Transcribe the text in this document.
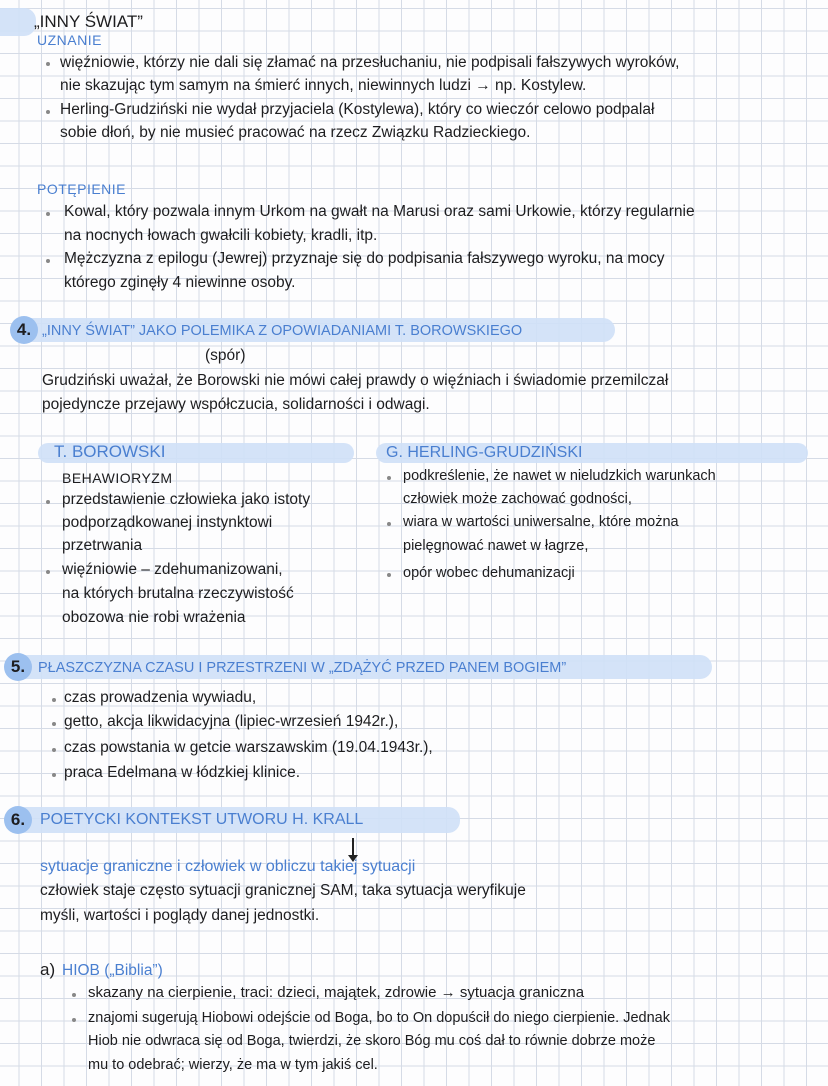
„INNY ŚWIAT”
UZNANIE
więźniowie, którzy nie dali się złamać na przesłuchaniu, nie podpisali fałszywych wyroków,
nie skazując tym samym na śmierć innych, niewinnych ludzi → np. Kostylew.
Herling-Grudziński nie wydał przyjaciela (Kostylewa), który co wieczór celowo podpalał
sobie dłoń, by nie musieć pracować na rzecz Związku Radzieckiego.
POTĘPIENIE
Kowal, który pozwala innym Urkom na gwałt na Marusi oraz sami Urkowie, którzy regularnie
na nocnych łowach gwałcili kobiety, kradli, itp.
Mężczyzna z epilogu (Jewrej) przyznaje się do podpisania fałszywego wyroku, na mocy
którego zginęły 4 niewinne osoby.
4. „INNY ŚWIAT” JAKO POLEMIKA Z OPOWIADANIAMI T. BOROWSKIEGO
(spór)
Grudziński uważał, że Borowski nie mówi całej prawdy o więźniach i świadomie przemilczał
pojedyncze przejawy współczucia, solidarności i odwagi.
T. BOROWSKI
BEHAWIORYZM
przedstawienie człowieka jako istoty
podporządkowanej instynktowi
przetrwania
więźniowie – zdehumanizowani,
na których brutalna rzeczywistość
obozowa nie robi wrażenia
G. HERLING-GRUDZIŃSKI
podkreślenie, że nawet w nieludzkich warunkach
człowiek może zachować godności,
wiara w wartości uniwersalne, które można
pielęgnować nawet w łagrze,
opór wobec dehumanizacji
5. PŁASZCZYZNA CZASU I PRZESTRZENI W „ZDĄŻYĆ PRZED PANEM BOGIEM”
czas prowadzenia wywiadu,
getto, akcja likwidacyjna (lipiec-wrzesień 1942r.),
czas powstania w getcie warszawskim (19.04.1943r.),
praca Edelmana w łódzkiej klinice.
6. POETYCKI KONTEKST UTWORU H. KRALL
sytuacje graniczne i człowiek w obliczu takiej sytuacji
człowiek staje często sytuacji granicznej SAM, taka sytuacja weryfikuje
myśli, wartości i poglądy danej jednostki.
a) HIOB („Biblia”)
skazany na cierpienie, traci: dzieci, majątek, zdrowie → sytuacja graniczna
znajomi sugerują Hiobowi odejście od Boga, bo to On dopuścił do niego cierpienie. Jednak
Hiob nie odwraca się od Boga, twierdzi, że skoro Bóg mu coś dał to równie dobrze może
mu to odebrać; wierzy, że ma w tym jakiś cel.
